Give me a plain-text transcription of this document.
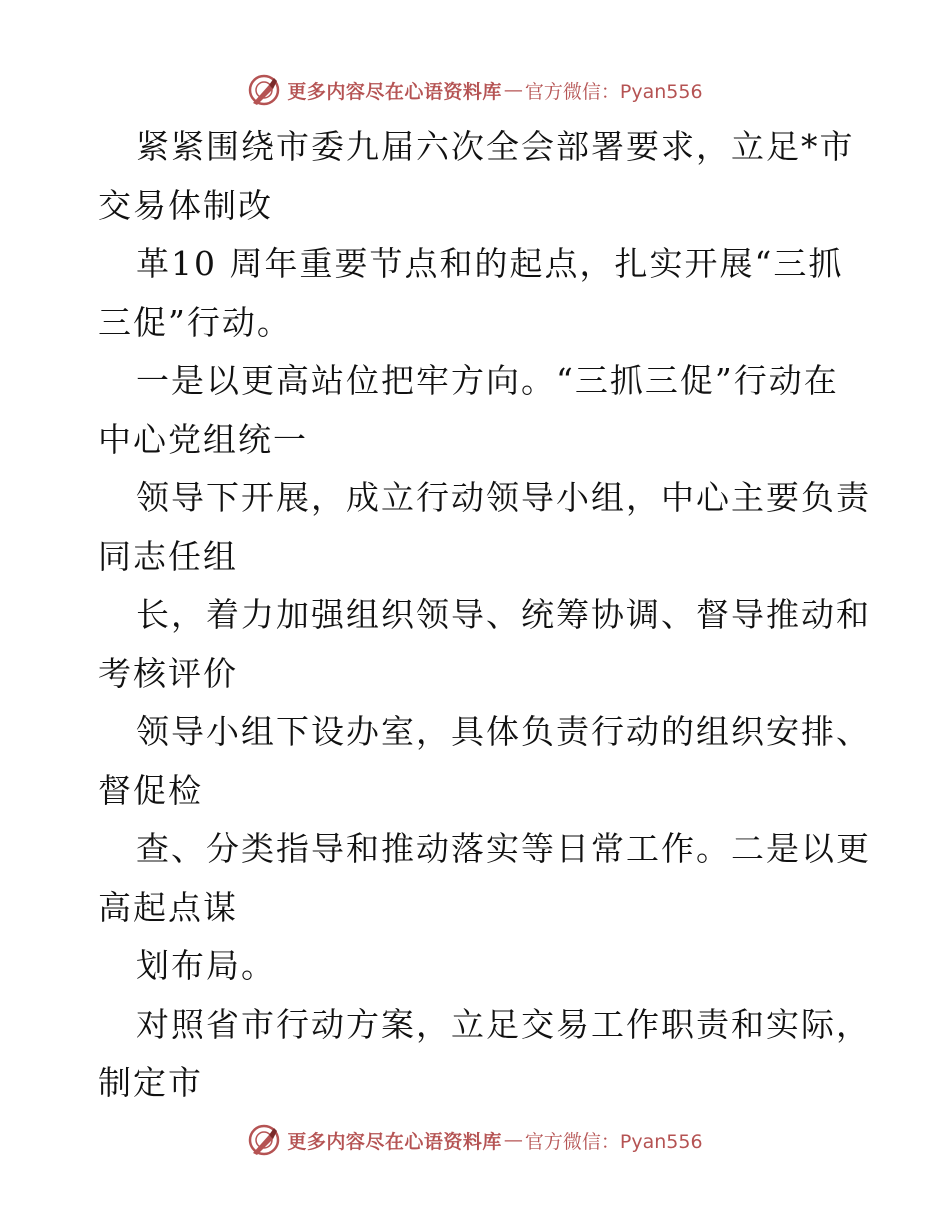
更多内容尽在心语资料库 — 官方微信：Pyan556
紧紧围绕市委九届六次全会部署要求，立足*市
交易体制改
革10 周年重要节点和的起点，扎实开展“三抓
三促”行动。
一是以更高站位把牢方向。“三抓三促”行动在
中心党组统一
领导下开展，成立行动领导小组，中心主要负责
同志任组
长，着力加强组织领导、统筹协调、督导推动和
考核评价
领导小组下设办室，具体负责行动的组织安排、
督促检
查、分类指导和推动落实等日常工作。二是以更
高起点谋
划布局。
对照省市行动方案，立足交易工作职责和实际，
制定市
更多内容尽在心语资料库 — 官方微信：Pyan556
